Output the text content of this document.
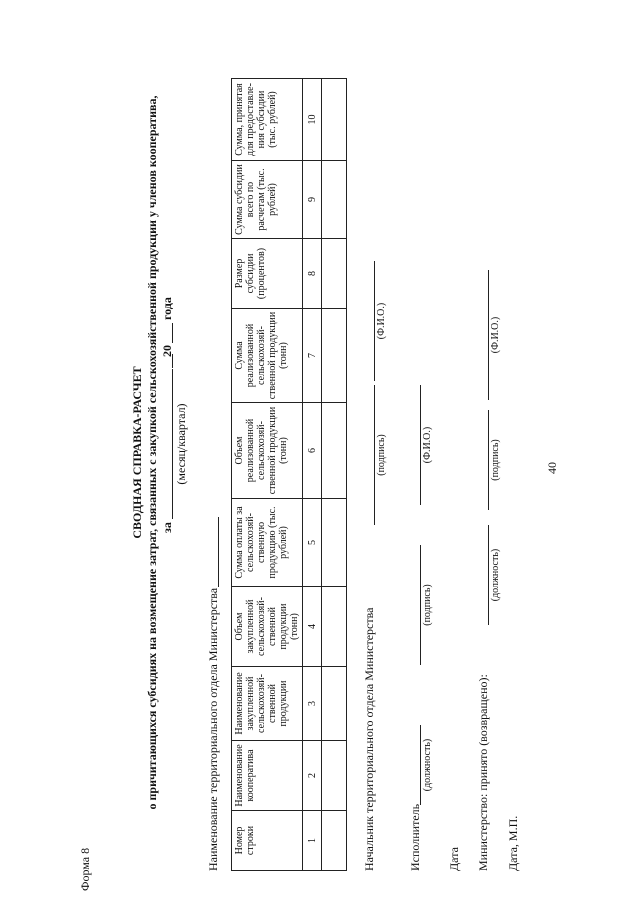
40
Форма 8
СВОДНАЯ СПРАВКА-РАСЧЕТ о причитающихся субсидиях на возмещение затрат, связанных с закупкой сельскохозяйственной продукции у членов кооператива, за
20
года
(месяц/квартал)
Наименование территориального отдела Министерства Номер строки	Наименование кооператива	Наименование закупленной сельскохозяй-ственной продукции	Объем закупленной сельскохозяй-ственной продукции (тонн)	Сумма оплаты за сельскохозяй-ственную продукцию (тыс. рублей)	Объем реализованной сельскохозяй-ственной продукции (тонн)	Сумма реализованной сельскохозяй-ственной продукции (тонн)	Размер субсидии (процентов)	Сумма субсидии всего по расчетам (тыс. рублей)	Сумма, принятая для предоставле-ния субсидии (тыс. рублей)
1	2	3	4	5	6	7	8	9	10

Начальник территориального отдела Министерства
(подпись)
(Ф.И.О.)
Исполнитель
(должность)
(подпись)
(Ф.И.О.)
Дата Министерство: принято (возвращено):
(должность)
(подпись)
(Ф.И.О.)
Дата, М.П.
